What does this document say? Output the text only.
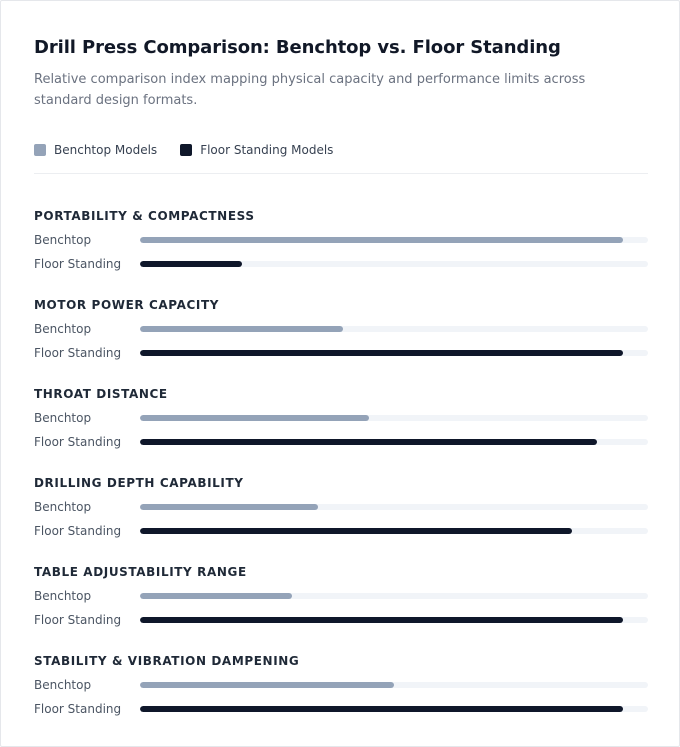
Drill Press Comparison: Benchtop vs. Floor Standing

Relative comparison index mapping physical capacity and performance limits across standard design formats.

Benchtop Models	Floor Standing Models
PORTABILITY & COMPACTNESS
Benchtop
Floor Standing
MOTOR POWER CAPACITY
Benchtop
Floor Standing
THROAT DISTANCE
Benchtop
Floor Standing
DRILLING DEPTH CAPABILITY
Benchtop
Floor Standing
TABLE ADJUSTABILITY RANGE
Benchtop
Floor Standing
STABILITY & VIBRATION DAMPENING
Benchtop
Floor Standing
